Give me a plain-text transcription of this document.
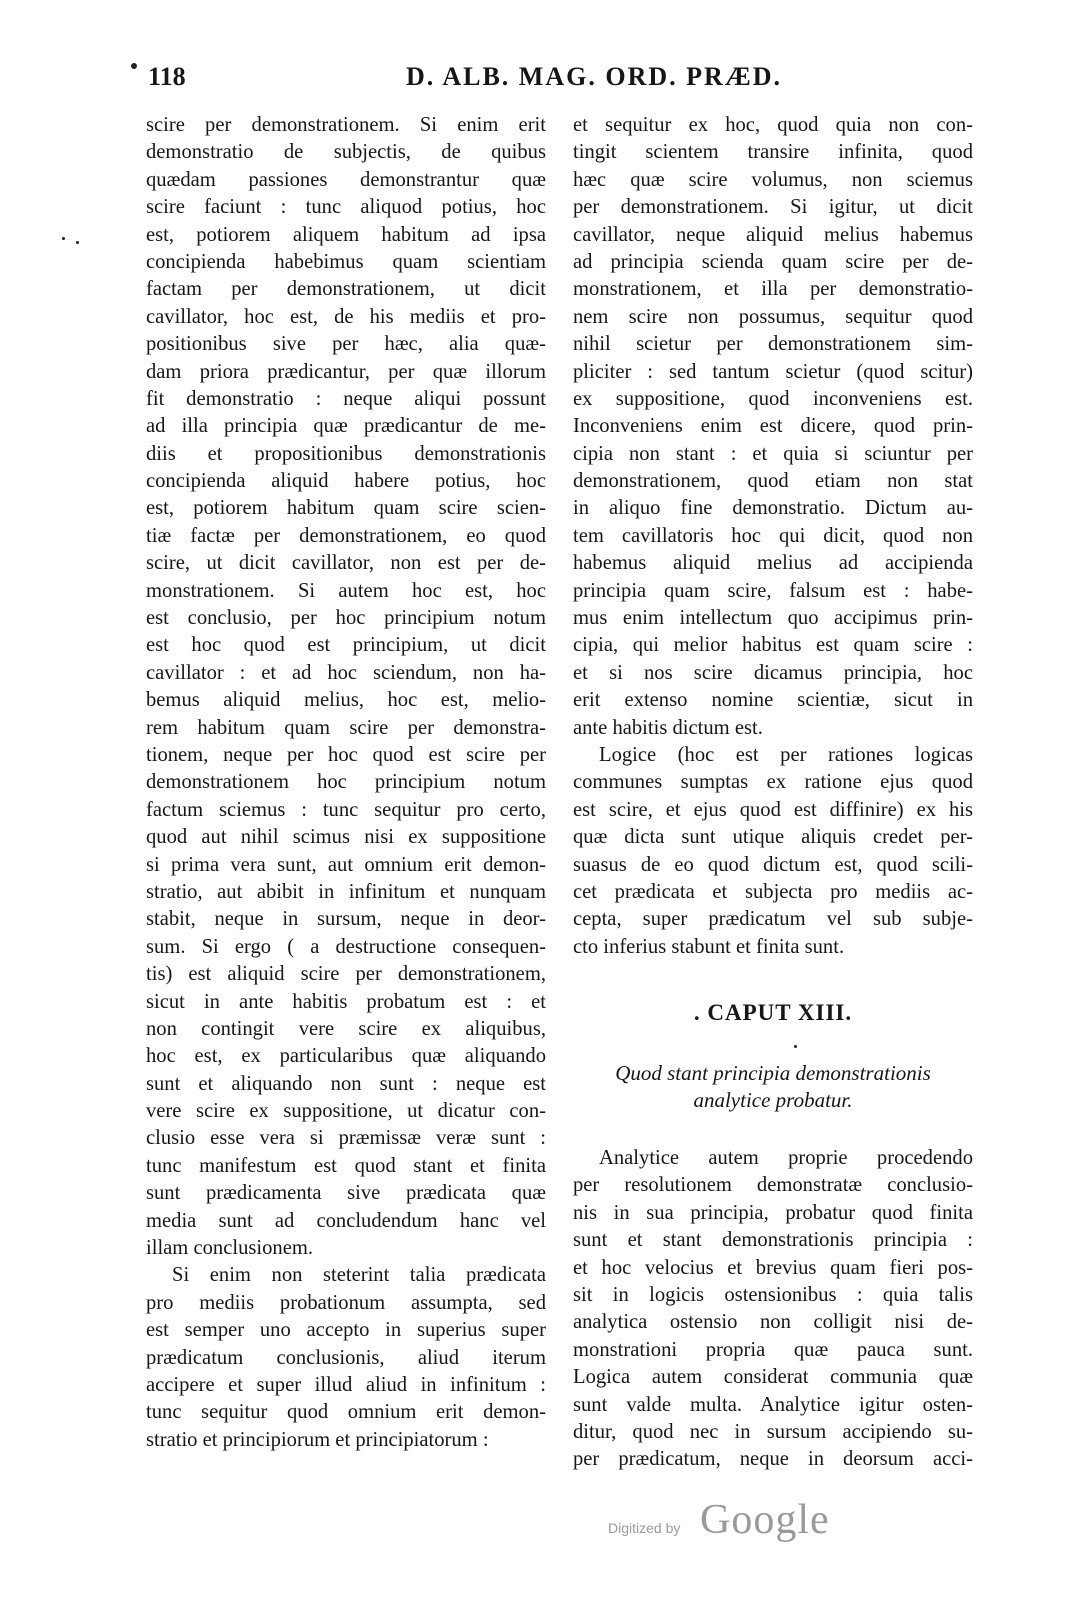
118	D. ALB. MAG. ORD. PRÆD.
scire per demonstrationem. Si enim erit
demonstratio de subjectis, de quibus
quædam passiones demonstrantur quæ
scire faciunt : tunc aliquod potius, hoc
est, potiorem aliquem habitum ad ipsa
concipienda habebimus quam scientiam
factam per demonstrationem, ut dicit
cavillator, hoc est, de his mediis et pro-
positionibus sive per hæc, alia quæ-
dam priora prædicantur, per quæ illorum
fit demonstratio : neque aliqui possunt
ad illa principia quæ prædicantur de me-
diis et propositionibus demonstrationis
concipienda aliquid habere potius, hoc
est, potiorem habitum quam scire scien-
tiæ factæ per demonstrationem, eo quod
scire, ut dicit cavillator, non est per de-
monstrationem. Si autem hoc est, hoc
est conclusio, per hoc principium notum
est hoc quod est principium, ut dicit
cavillator : et ad hoc sciendum, non ha-
bemus aliquid melius, hoc est, melio-
rem habitum quam scire per demonstra-
tionem, neque per hoc quod est scire per
demonstrationem hoc principium notum
factum sciemus : tunc sequitur pro certo,
quod aut nihil scimus nisi ex suppositione
si prima vera sunt, aut omnium erit demon-
stratio, aut abibit in infinitum et nunquam
stabit, neque in sursum, neque in deor-
sum. Si ergo ( a destructione consequen-
tis) est aliquid scire per demonstrationem,
sicut in ante habitis probatum est : et
non contingit vere scire ex aliquibus,
hoc est, ex particularibus quæ aliquando
sunt et aliquando non sunt : neque est
vere scire ex suppositione, ut dicatur con-
clusio esse vera si præmissæ veræ sunt :
tunc manifestum est quod stant et finita
sunt prædicamenta sive prædicata quæ
media sunt ad concludendum hanc vel
illam conclusionem.
Si enim non steterint talia prædicata
pro mediis probationum assumpta, sed
est semper uno accepto in superius super
prædicatum conclusionis, aliud iterum
accipere et super illud aliud in infinitum :
tunc sequitur quod omnium erit demon-
stratio et principiorum et principiatorum :
et sequitur ex hoc, quod quia non con-
tingit scientem transire infinita, quod
hæc quæ scire volumus, non sciemus
per demonstrationem. Si igitur, ut dicit
cavillator, neque aliquid melius habemus
ad principia scienda quam scire per de-
monstrationem, et illa per demonstratio-
nem scire non possumus, sequitur quod
nihil scietur per demonstrationem sim-
pliciter : sed tantum scietur (quod scitur)
ex suppositione, quod inconveniens est.
Inconveniens enim est dicere, quod prin-
cipia non stant : et quia si sciuntur per
demonstrationem, quod etiam non stat
in aliquo fine demonstratio. Dictum au-
tem cavillatoris hoc qui dicit, quod non
habemus aliquid melius ad accipienda
principia quam scire, falsum est : habe-
mus enim intellectum quo accipimus prin-
cipia, qui melior habitus est quam scire :
et si nos scire dicamus principia, hoc
erit extenso nomine scientiæ, sicut in
ante habitis dictum est.
Logice (hoc est per rationes logicas
communes sumptas ex ratione ejus quod
est scire, et ejus quod est diffinire) ex his
quæ dicta sunt utique aliquis credet per-
suasus de eo quod dictum est, quod scili-
cet prædicata et subjecta pro mediis ac-
cepta, super prædicatum vel sub subje-
cto inferius stabunt et finita sunt.
. CAPUT XIII.
Quod stant principia demonstrationis
analytice probatur.
Analytice autem proprie procedendo
per resolutionem demonstratæ conclusio-
nis in sua principia, probatur quod finita
sunt et stant demonstrationis principia :
et hoc velocius et brevius quam fieri pos-
sit in logicis ostensionibus : quia talis
analytica ostensio non colligit nisi de-
monstrationi propria quæ pauca sunt.
Logica autem considerat communia quæ
sunt valde multa. Analytice igitur osten-
ditur, quod nec in sursum accipiendo su-
per prædicatum, neque in deorsum acci-
Digitized by Google
